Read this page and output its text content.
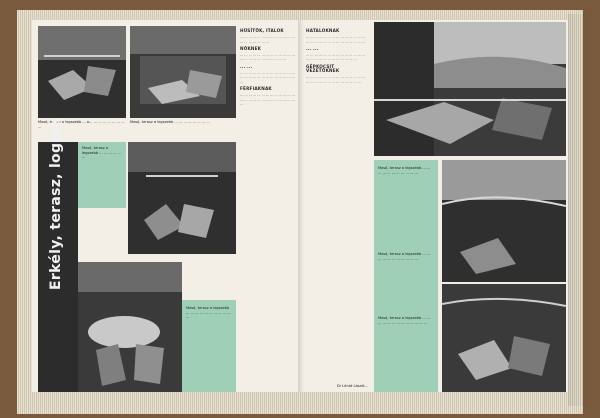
Mosó, terasz a legszebb ... a... ... ... ... ... ... ... ... ...
Mosó, terasz a legszebb ... ... ... ... ... ... ... ...
Erkély, terasz, loggia	Mosó, terasz a legszebb ... ... ... ... ... ...
Mosó, terasz a legszebb ... ... ... ... ... ... ... ... ... ... ...
HŰSÍTŐK, ITALOK
... ... ... ... ... ... ... ... ... ... ... ... ... ... ... ... ... ... ... ...
NŐKNEK
... ... ... ... ... ... ... ... ... ... ... ... ... ... ... ... ... ... ... ... ... ... ... ...
... ...
... ... ... ... ... ... ... ... ... ... ... ... ... ... ... ... ... ... ... ... ... ... ... ... ... ... ...
FÉRFIAKNAK
... ... ... ... ... ... ... ... ... ... ... ... ... ... ... ... ... ... ... ... ... ... ... ... ... ... ...
HATALOKNAK
... ... ... ... ... ... ... ... ... ... ... ... ... ... ... ... ... ... ... ... ... ... ... ... ... ... ... ...
... ...
... ... ... ... ... ... ... ... ... ... ... ... ... ... ... ... ... ... ... ... ... ... ... ... ... ...
GÉPKOCSIT VEZETŐKNEK
... ... ... ... ... ... ... ... ... ... ... ... ... ... ... ... ... ... ... ... ... ... ... ... ... ... ...
Mosó, terasz a legszebb ... ... ... ... ... ... ... ... ... ... ...
Mosó, terasz a legszebb ... ... ... ... ... ... ... ... ... ... ...
Mosó, terasz a legszebb ... ... ... ... ... ... ... ... ... ... ... ... ...
Dr Lénát László...
